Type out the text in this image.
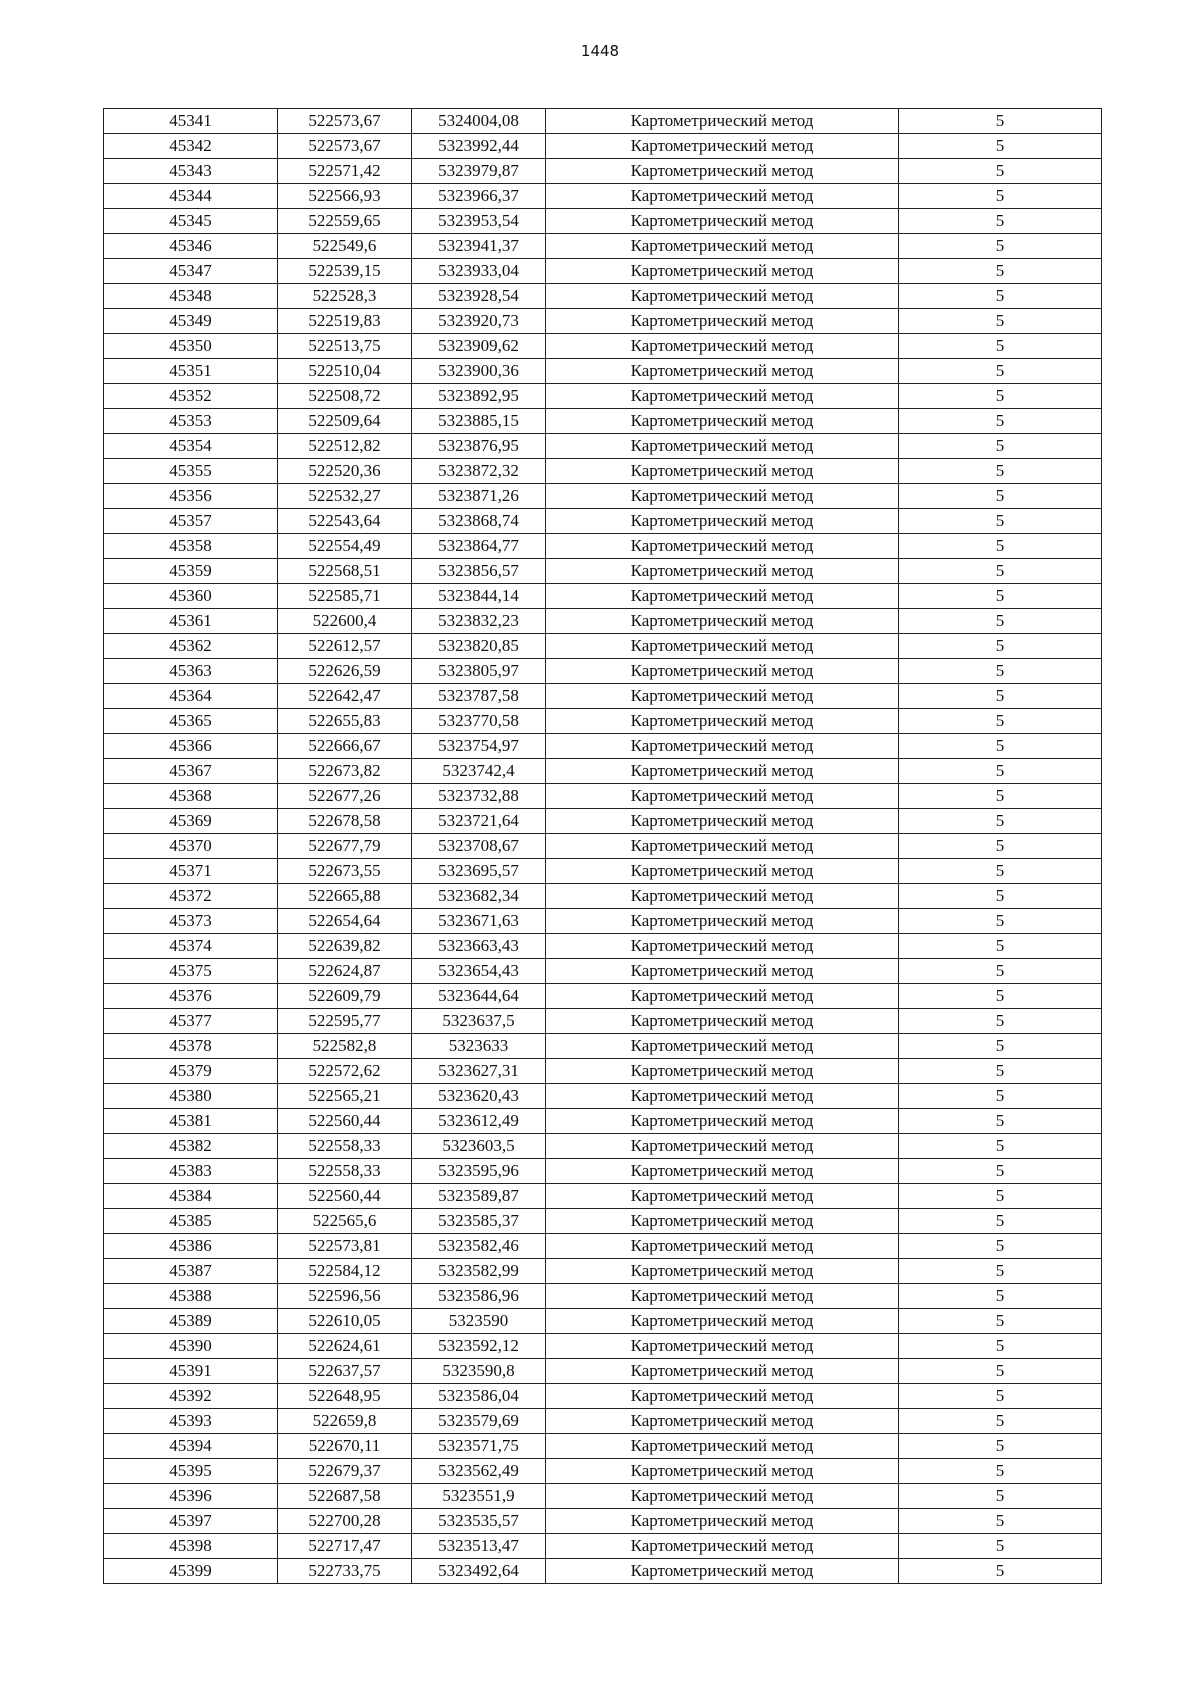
1448
45341	522573,67	5324004,08	Картометрический метод	5
45342	522573,67	5323992,44	Картометрический метод	5
45343	522571,42	5323979,87	Картометрический метод	5
45344	522566,93	5323966,37	Картометрический метод	5
45345	522559,65	5323953,54	Картометрический метод	5
45346	522549,6	5323941,37	Картометрический метод	5
45347	522539,15	5323933,04	Картометрический метод	5
45348	522528,3	5323928,54	Картометрический метод	5
45349	522519,83	5323920,73	Картометрический метод	5
45350	522513,75	5323909,62	Картометрический метод	5
45351	522510,04	5323900,36	Картометрический метод	5
45352	522508,72	5323892,95	Картометрический метод	5
45353	522509,64	5323885,15	Картометрический метод	5
45354	522512,82	5323876,95	Картометрический метод	5
45355	522520,36	5323872,32	Картометрический метод	5
45356	522532,27	5323871,26	Картометрический метод	5
45357	522543,64	5323868,74	Картометрический метод	5
45358	522554,49	5323864,77	Картометрический метод	5
45359	522568,51	5323856,57	Картометрический метод	5
45360	522585,71	5323844,14	Картометрический метод	5
45361	522600,4	5323832,23	Картометрический метод	5
45362	522612,57	5323820,85	Картометрический метод	5
45363	522626,59	5323805,97	Картометрический метод	5
45364	522642,47	5323787,58	Картометрический метод	5
45365	522655,83	5323770,58	Картометрический метод	5
45366	522666,67	5323754,97	Картометрический метод	5
45367	522673,82	5323742,4	Картометрический метод	5
45368	522677,26	5323732,88	Картометрический метод	5
45369	522678,58	5323721,64	Картометрический метод	5
45370	522677,79	5323708,67	Картометрический метод	5
45371	522673,55	5323695,57	Картометрический метод	5
45372	522665,88	5323682,34	Картометрический метод	5
45373	522654,64	5323671,63	Картометрический метод	5
45374	522639,82	5323663,43	Картометрический метод	5
45375	522624,87	5323654,43	Картометрический метод	5
45376	522609,79	5323644,64	Картометрический метод	5
45377	522595,77	5323637,5	Картометрический метод	5
45378	522582,8	5323633	Картометрический метод	5
45379	522572,62	5323627,31	Картометрический метод	5
45380	522565,21	5323620,43	Картометрический метод	5
45381	522560,44	5323612,49	Картометрический метод	5
45382	522558,33	5323603,5	Картометрический метод	5
45383	522558,33	5323595,96	Картометрический метод	5
45384	522560,44	5323589,87	Картометрический метод	5
45385	522565,6	5323585,37	Картометрический метод	5
45386	522573,81	5323582,46	Картометрический метод	5
45387	522584,12	5323582,99	Картометрический метод	5
45388	522596,56	5323586,96	Картометрический метод	5
45389	522610,05	5323590	Картометрический метод	5
45390	522624,61	5323592,12	Картометрический метод	5
45391	522637,57	5323590,8	Картометрический метод	5
45392	522648,95	5323586,04	Картометрический метод	5
45393	522659,8	5323579,69	Картометрический метод	5
45394	522670,11	5323571,75	Картометрический метод	5
45395	522679,37	5323562,49	Картометрический метод	5
45396	522687,58	5323551,9	Картометрический метод	5
45397	522700,28	5323535,57	Картометрический метод	5
45398	522717,47	5323513,47	Картометрический метод	5
45399	522733,75	5323492,64	Картометрический метод	5
